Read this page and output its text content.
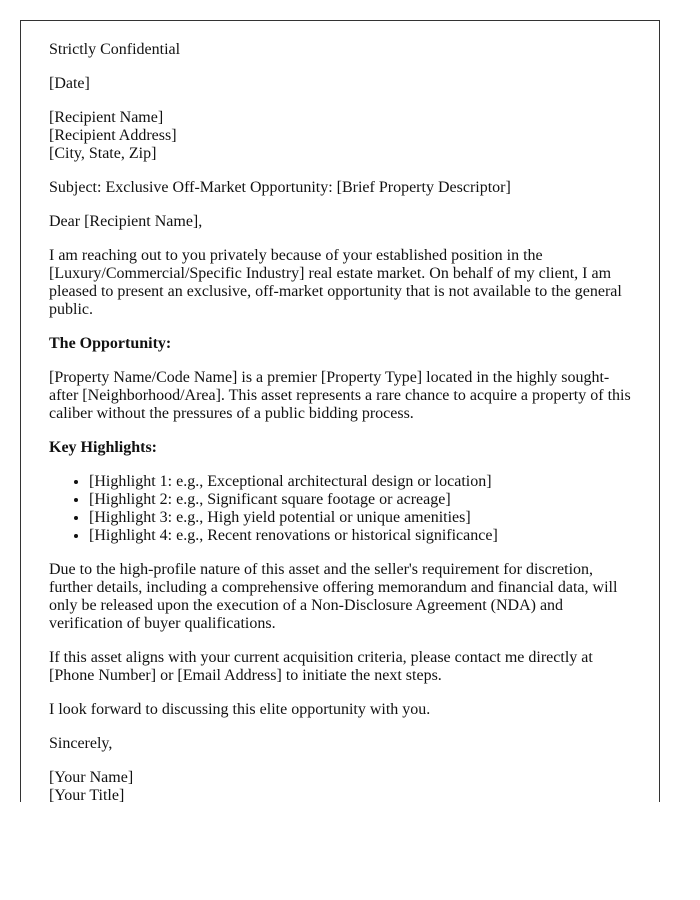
Strictly Confidential

[Date]

[Recipient Name]
[Recipient Address]
[City, State, Zip]

Subject: Exclusive Off-Market Opportunity: [Brief Property Descriptor]

Dear [Recipient Name],

I am reaching out to you privately because of your established position in the [Luxury/Commercial/Specific Industry] real estate market. On behalf of my client, I am pleased to present an exclusive, off-market opportunity that is not available to the general public.

The Opportunity:

[Property Name/Code Name] is a premier [Property Type] located in the highly sought-after [Neighborhood/Area]. This asset represents a rare chance to acquire a property of this caliber without the pressures of a public bidding process.

Key Highlights:

• [Highlight 1: e.g., Exceptional architectural design or location]
• [Highlight 2: e.g., Significant square footage or acreage]
• [Highlight 3: e.g., High yield potential or unique amenities]
• [Highlight 4: e.g., Recent renovations or historical significance]

Due to the high-profile nature of this asset and the seller's requirement for discretion, further details, including a comprehensive offering memorandum and financial data, will only be released upon the execution of a Non-Disclosure Agreement (NDA) and verification of buyer qualifications.

If this asset aligns with your current acquisition criteria, please contact me directly at [Phone Number] or [Email Address] to initiate the next steps.

I look forward to discussing this elite opportunity with you.

Sincerely,

[Your Name]
[Your Title]
